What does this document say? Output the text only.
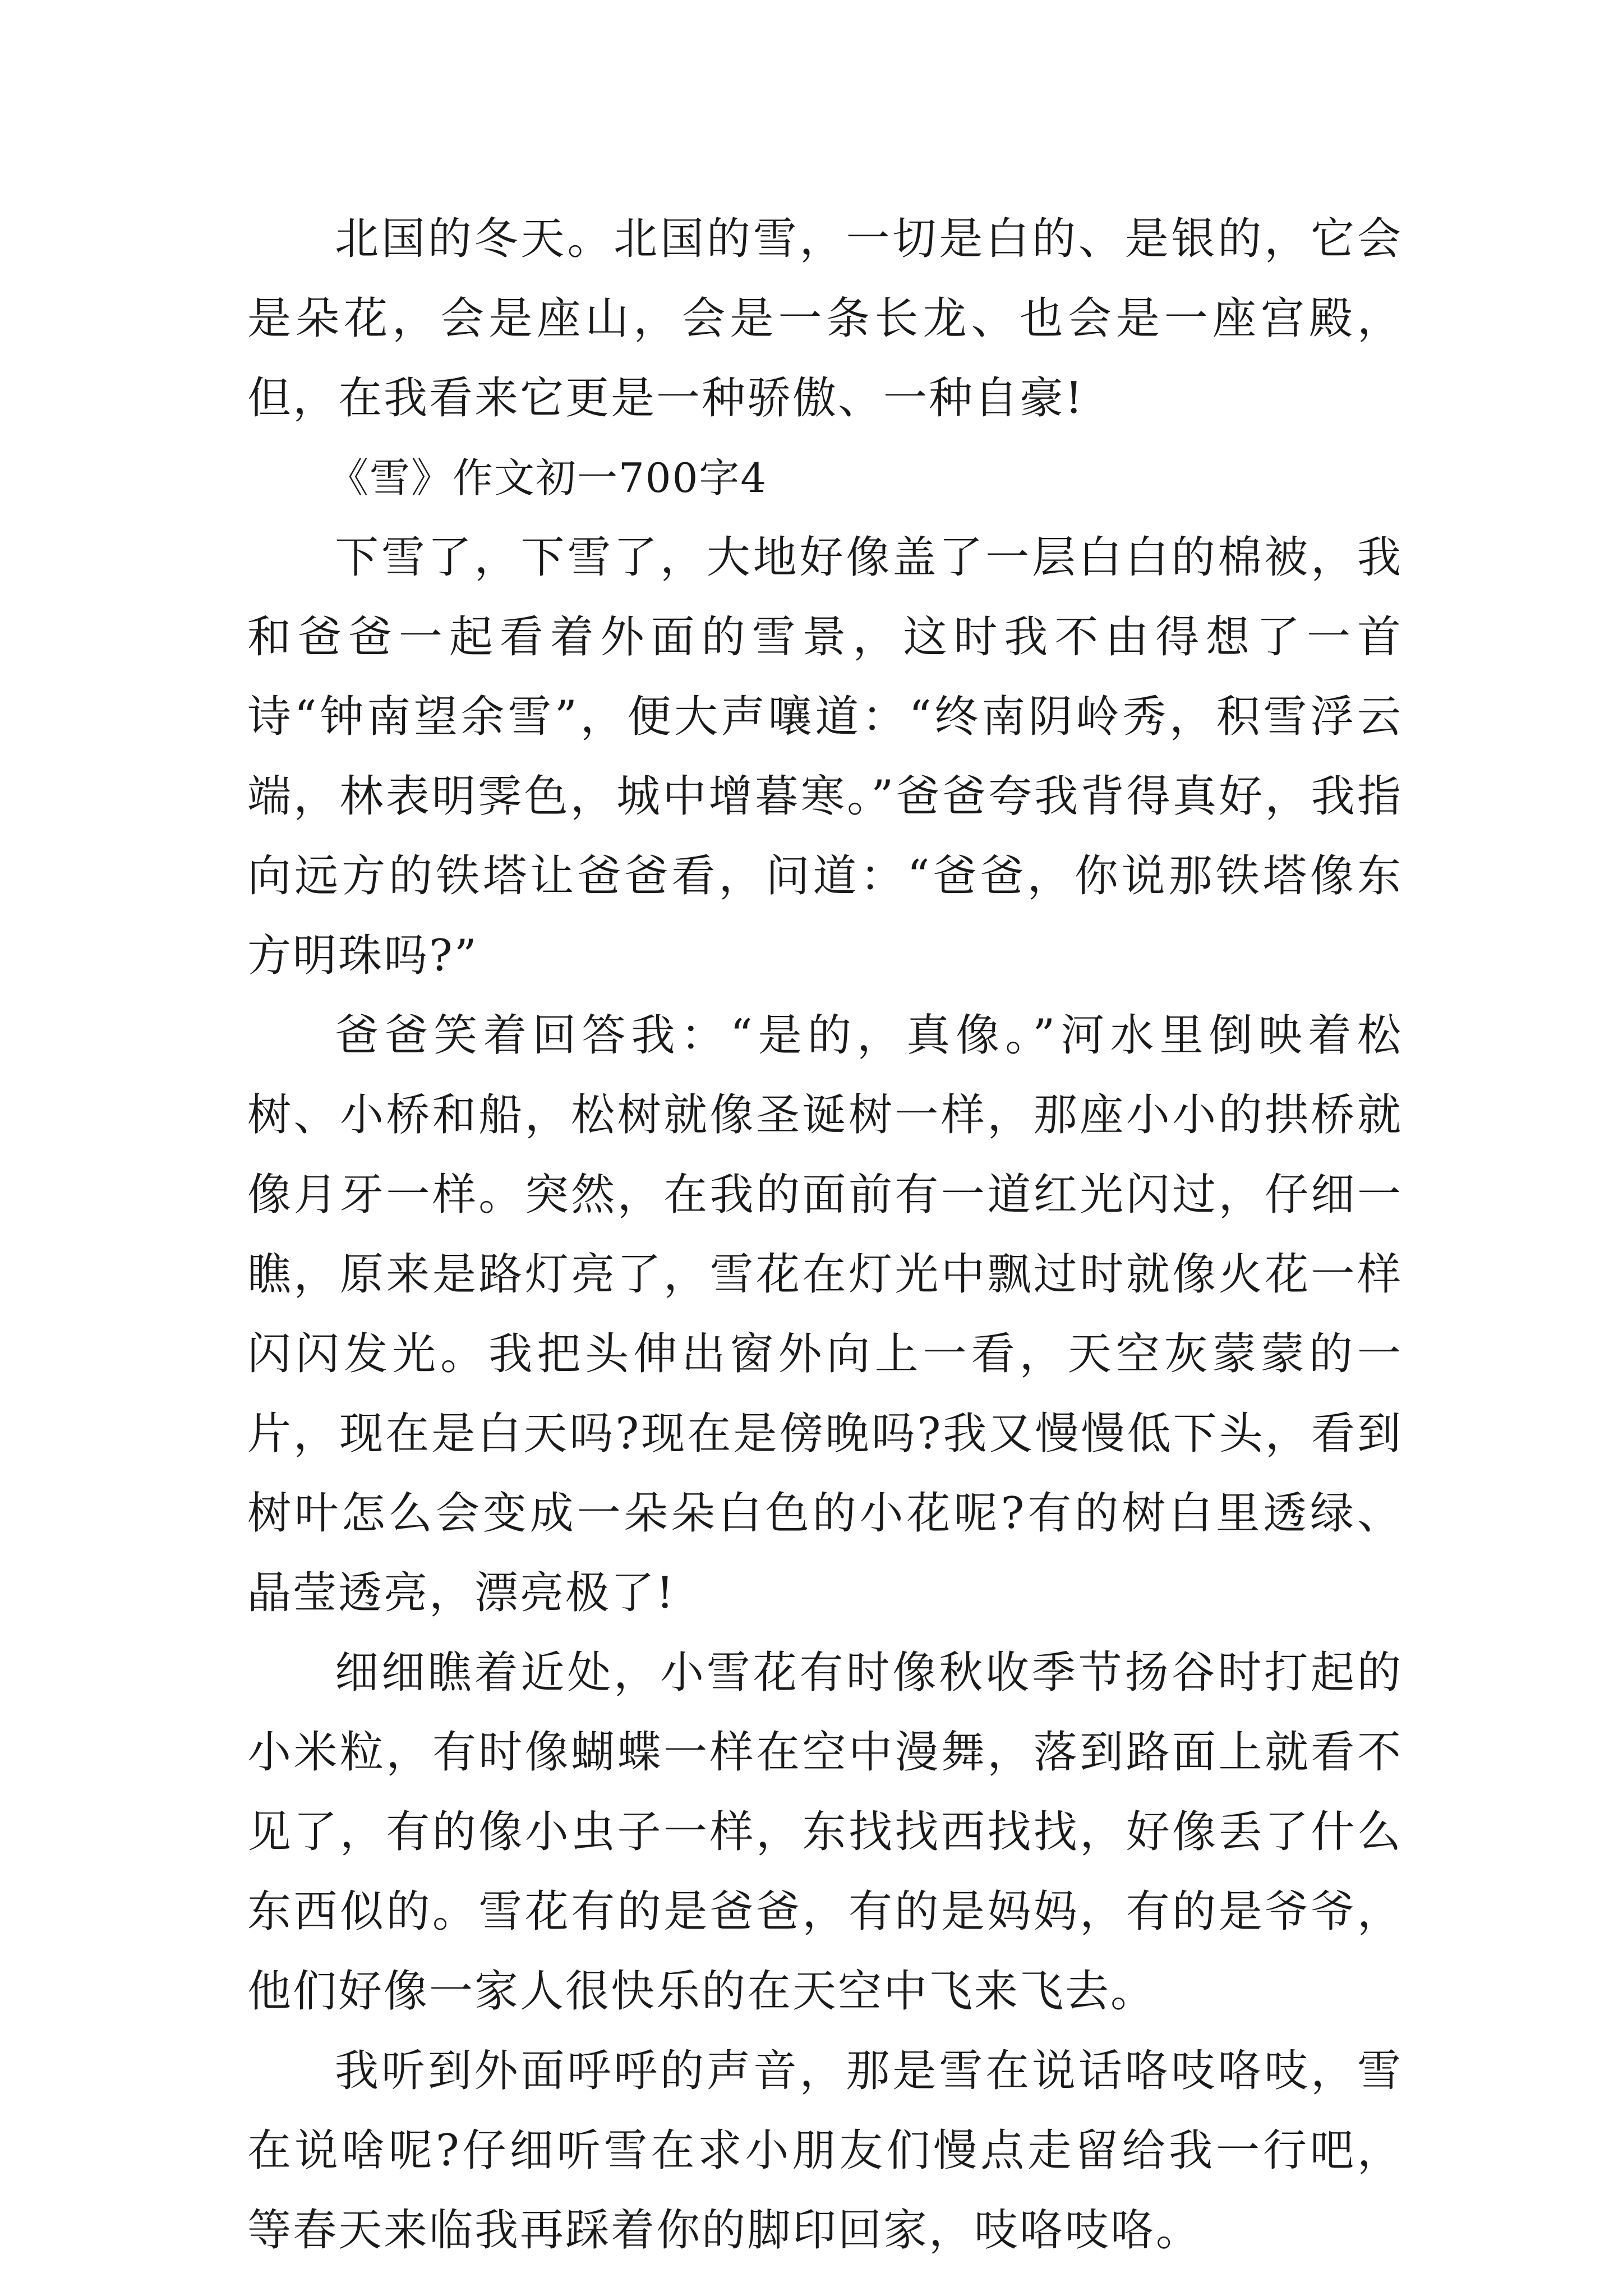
北国的冬天。北国的雪，一切是白的、是银的，它会是朵花，会是座山，会是一条长龙、也会是一座宫殿，但，在我看来它更是一种骄傲、一种自豪!

《雪》作文初一700字4

下雪了，下雪了，大地好像盖了一层白白的棉被，我和爸爸一起看着外面的雪景，这时我不由得想了一首诗“钟南望余雪”，便大声嚷道：“终南阴岭秀，积雪浮云端，林表明霁色，城中增暮寒。”爸爸夸我背得真好，我指向远方的铁塔让爸爸看，问道：“爸爸，你说那铁塔像东方明珠吗?”

爸爸笑着回答我：“是的，真像。”河水里倒映着松树、小桥和船，松树就像圣诞树一样，那座小小的拱桥就像月牙一样。突然，在我的面前有一道红光闪过，仔细一瞧，原来是路灯亮了，雪花在灯光中飘过时就像火花一样闪闪发光。我把头伸出窗外向上一看，天空灰蒙蒙的一片，现在是白天吗?现在是傍晚吗?我又慢慢低下头，看到树叶怎么会变成一朵朵白色的小花呢?有的树白里透绿、晶莹透亮，漂亮极了!

细细瞧着近处，小雪花有时像秋收季节扬谷时打起的小米粒，有时像蝴蝶一样在空中漫舞，落到路面上就看不见了，有的像小虫子一样，东找找西找找，好像丢了什么东西似的。雪花有的是爸爸，有的是妈妈，有的是爷爷，他们好像一家人很快乐的在天空中飞来飞去。

我听到外面呼呼的声音，那是雪在说话咯吱咯吱，雪在说啥呢?仔细听雪在求小朋友们慢点走留给我一行吧，等春天来临我再踩着你的脚印回家，吱咯吱咯。
